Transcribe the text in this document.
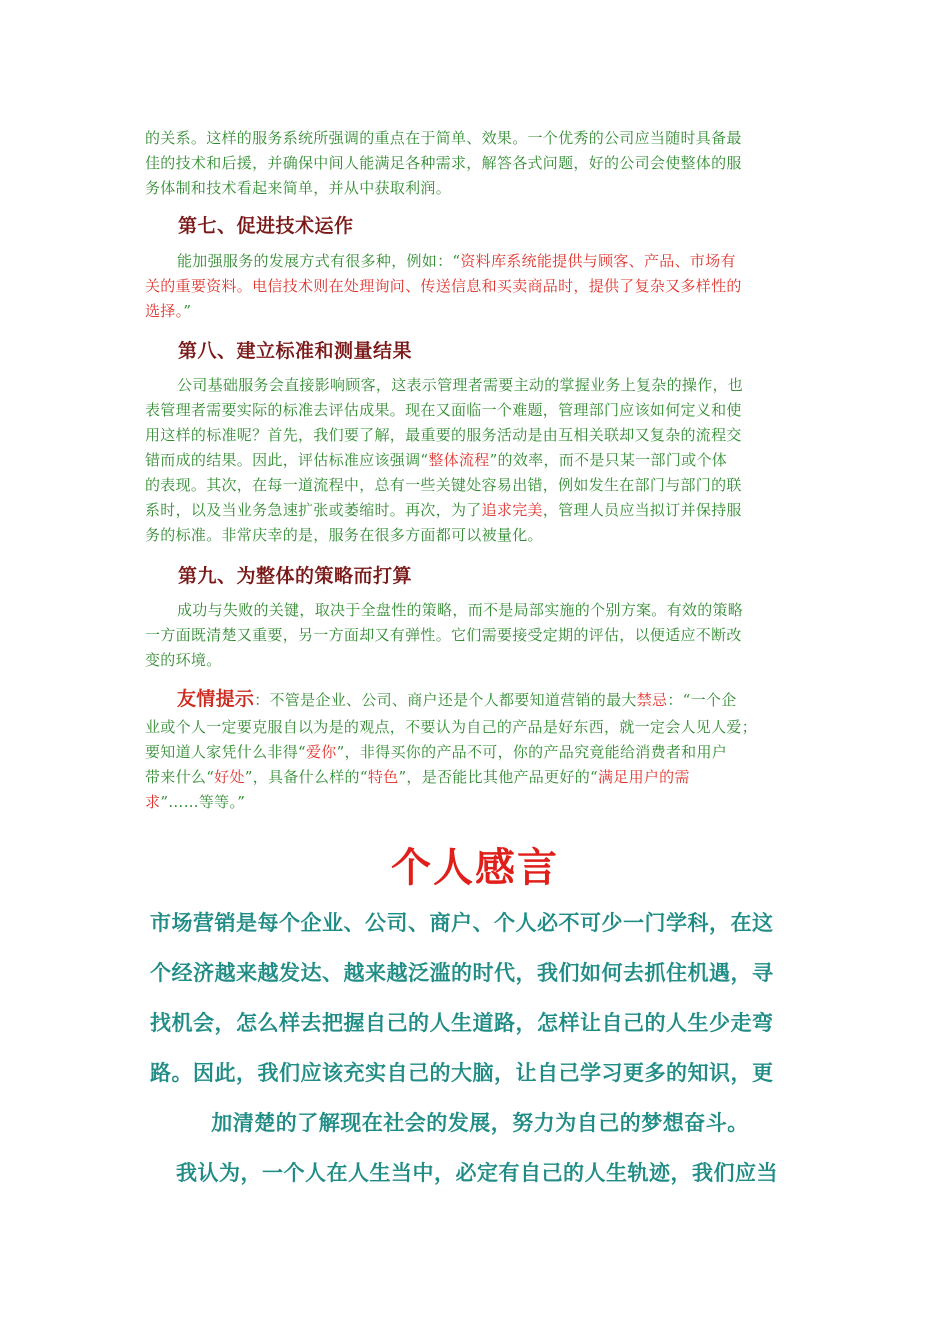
的关系。这样的服务系统所强调的重点在于简单、效果。一个优秀的公司应当随时具备最
佳的技术和后援，并确保中间人能满足各种需求，解答各式问题，好的公司会使整体的服
务体制和技术看起来简单，并从中获取利润。
第七、促进技术运作
能加强服务的发展方式有很多种，例如：“资料库系统能提供与顾客、产品、市场有
关的重要资料。电信技术则在处理询问、传送信息和买卖商品时，提供了复杂又多样性的
选择。”
第八、建立标准和测量结果
公司基础服务会直接影响顾客，这表示管理者需要主动的掌握业务上复杂的操作，也
表管理者需要实际的标准去评估成果。现在又面临一个难题，管理部门应该如何定义和使
用这样的标准呢？首先，我们要了解，最重要的服务活动是由互相关联却又复杂的流程交
错而成的结果。因此，评估标准应该强调“整体流程”的效率，而不是只某一部门或个体
的表现。其次，在每一道流程中，总有一些关键处容易出错，例如发生在部门与部门的联
系时，以及当业务急速扩张或萎缩时。再次，为了追求完美，管理人员应当拟订并保持服
务的标准。非常庆幸的是，服务在很多方面都可以被量化。
第九、为整体的策略而打算
成功与失败的关键，取决于全盘性的策略，而不是局部实施的个别方案。有效的策略
一方面既清楚又重要，另一方面却又有弹性。它们需要接受定期的评估，以便适应不断改
变的环境。
友情提示：不管是企业、公司、商户还是个人都要知道营销的最大禁忌：“一个企
业或个人一定要克服自以为是的观点，不要认为自己的产品是好东西，就一定会人见人爱；
要知道人家凭什么非得“爱你”，非得买你的产品不可，你的产品究竟能给消费者和用户
带来什么“好处”，具备什么样的“特色”，是否能比其他产品更好的“满足用户的需
求”……等等。”
个人感言
市场营销是每个企业、公司、商户、个人必不可少一门学科，在这
个经济越来越发达、越来越泛滥的时代，我们如何去抓住机遇，寻
找机会，怎么样去把握自己的人生道路，怎样让自己的人生少走弯
路。因此，我们应该充实自己的大脑，让自己学习更多的知识，更
加清楚的了解现在社会的发展，努力为自己的梦想奋斗。
我认为，一个人在人生当中，必定有自己的人生轨迹，我们应当
